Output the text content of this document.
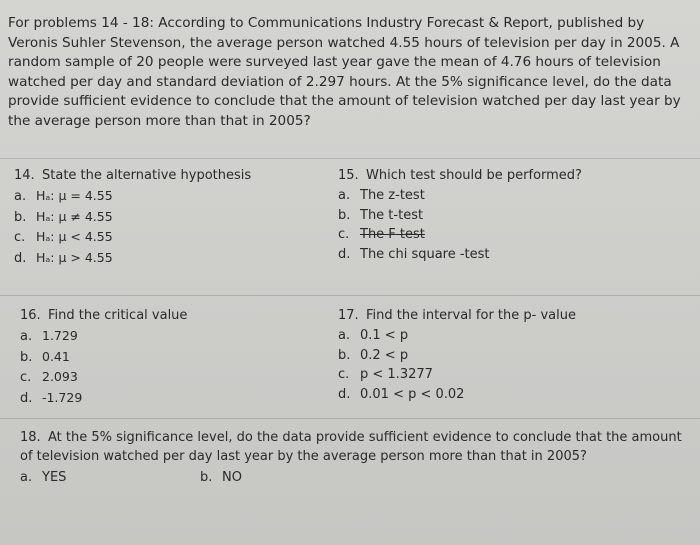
For problems 14 - 18: According to Communications Industry Forecast & Report, published by Veronis Suhler Stevenson, the average person watched 4.55 hours of television per day in 2005. A random sample of 20 people were surveyed last year gave the mean of 4.76 hours of television watched per day and standard deviation of 2.297 hours. At the 5% significance level, do the data provide sufficient evidence to conclude that the amount of television watched per day last year by the average person more than that in 2005?
14. State the alternative hypothesis
a. Hₐ: μ = 4.55
b. Hₐ: μ ≠ 4.55
c. Hₐ: μ < 4.55
d. Hₐ: μ > 4.55
15. Which test should be performed?
a. The z-test
b. The t-test
c. The F test
d. The chi square -test
16. Find the critical value
a. 1.729
b. 0.41
c. 2.093
d. -1.729
17. Find the interval for the p- value
a. 0.1 < p
b. 0.2 < p
c. p < 1.3277
d. 0.01 < p < 0.02
18. At the 5% significance level, do the data provide sufficient evidence to conclude that the amount of television watched per day last year by the average person more than that in 2005?
a. YES	b. NO
